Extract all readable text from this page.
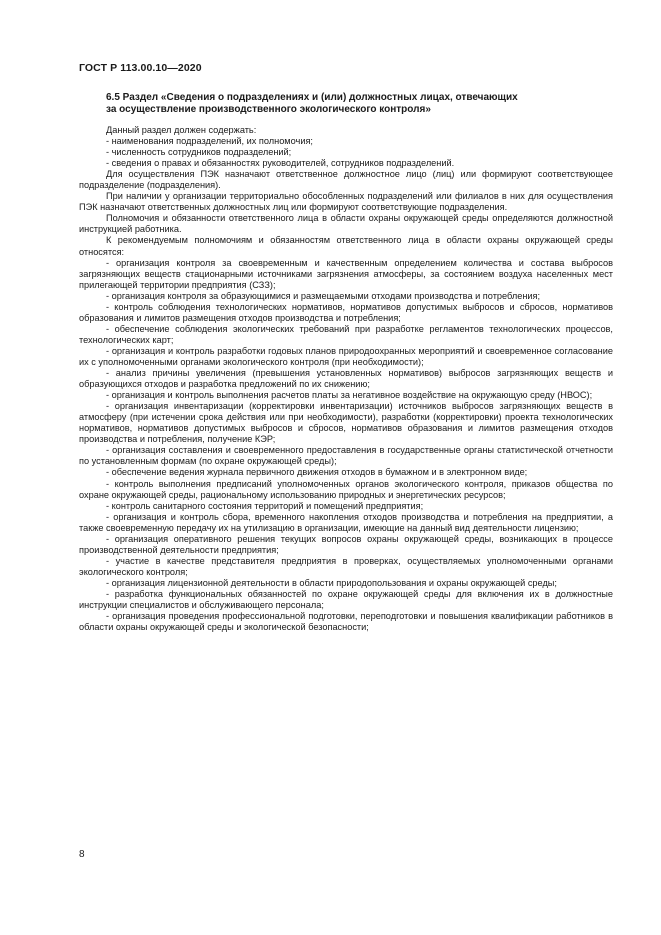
ГОСТ Р 113.00.10—2020
6.5 Раздел «Сведения о подразделениях и (или) должностных лицах, отвечающих
за осуществление производственного экологического контроля»

Данный раздел должен содержать:

- наименования подразделений, их полномочия;

- численность сотрудников подразделений;

- сведения о правах и обязанностях руководителей, сотрудников подразделений.

Для осуществления ПЭК назначают ответственное должностное лицо (лиц) или формируют соответствующее подразделение (подразделения).

При наличии у организации территориально обособленных подразделений или филиалов в них для осуществления ПЭК назначают ответственных должностных лиц или формируют соответствующие подразделения.

Полномочия и обязанности ответственного лица в области охраны окружающей среды определяются должностной инструкцией работника.

К рекомендуемым полномочиям и обязанностям ответственного лица в области охраны окружающей среды относятся:

- организация контроля за своевременным и качественным определением количества и состава выбросов загрязняющих веществ стационарными источниками загрязнения атмосферы, за состоянием воздуха населенных мест прилегающей территории предприятия (СЗЗ);

- организация контроля за образующимися и размещаемыми отходами производства и потребления;

- контроль соблюдения технологических нормативов, нормативов допустимых выбросов и сбросов, нормативов образования и лимитов размещения отходов производства и потребления;

- обеспечение соблюдения экологических требований при разработке регламентов технологических процессов, технологических карт;

- организация и контроль разработки годовых планов природоохранных мероприятий и своевременное согласование их с уполномоченными органами экологического контроля (при необходимости);

- анализ причины увеличения (превышения установленных нормативов) выбросов загрязняющих веществ и образующихся отходов и разработка предложений по их снижению;

- организация и контроль выполнения расчетов платы за негативное воздействие на окружающую среду (НВОС);

- организация инвентаризации (корректировки инвентаризации) источников выбросов загрязняющих веществ в атмосферу (при истечении срока действия или при необходимости), разработки (корректировки) проекта технологических нормативов, нормативов допустимых выбросов и сбросов, нормативов образования и лимитов размещения отходов производства и потребления, получение КЭР;

- организация составления и своевременного предоставления в государственные органы статистической отчетности по установленным формам (по охране окружающей среды);

- обеспечение ведения журнала первичного движения отходов в бумажном и в электронном виде;

- контроль выполнения предписаний уполномоченных органов экологического контроля, приказов общества по охране окружающей среды, рациональному использованию природных и энергетических ресурсов;

- контроль санитарного состояния территорий и помещений предприятия;

- организация и контроль сбора, временного накопления отходов производства и потребления на предприятии, а также своевременную передачу их на утилизацию в организации, имеющие на данный вид деятельности лицензию;

- организация оперативного решения текущих вопросов охраны окружающей среды, возникающих в процессе производственной деятельности предприятия;

- участие в качестве представителя предприятия в проверках, осуществляемых уполномоченными органами экологического контроля;

- организация лицензионной деятельности в области природопользования и охраны окружающей среды;

- разработка функциональных обязанностей по охране окружающей среды для включения их в должностные инструкции специалистов и обслуживающего персонала;

- организация проведения профессиональной подготовки, переподготовки и повышения квалификации работников в области охраны окружающей среды и экологической безопасности;

8
